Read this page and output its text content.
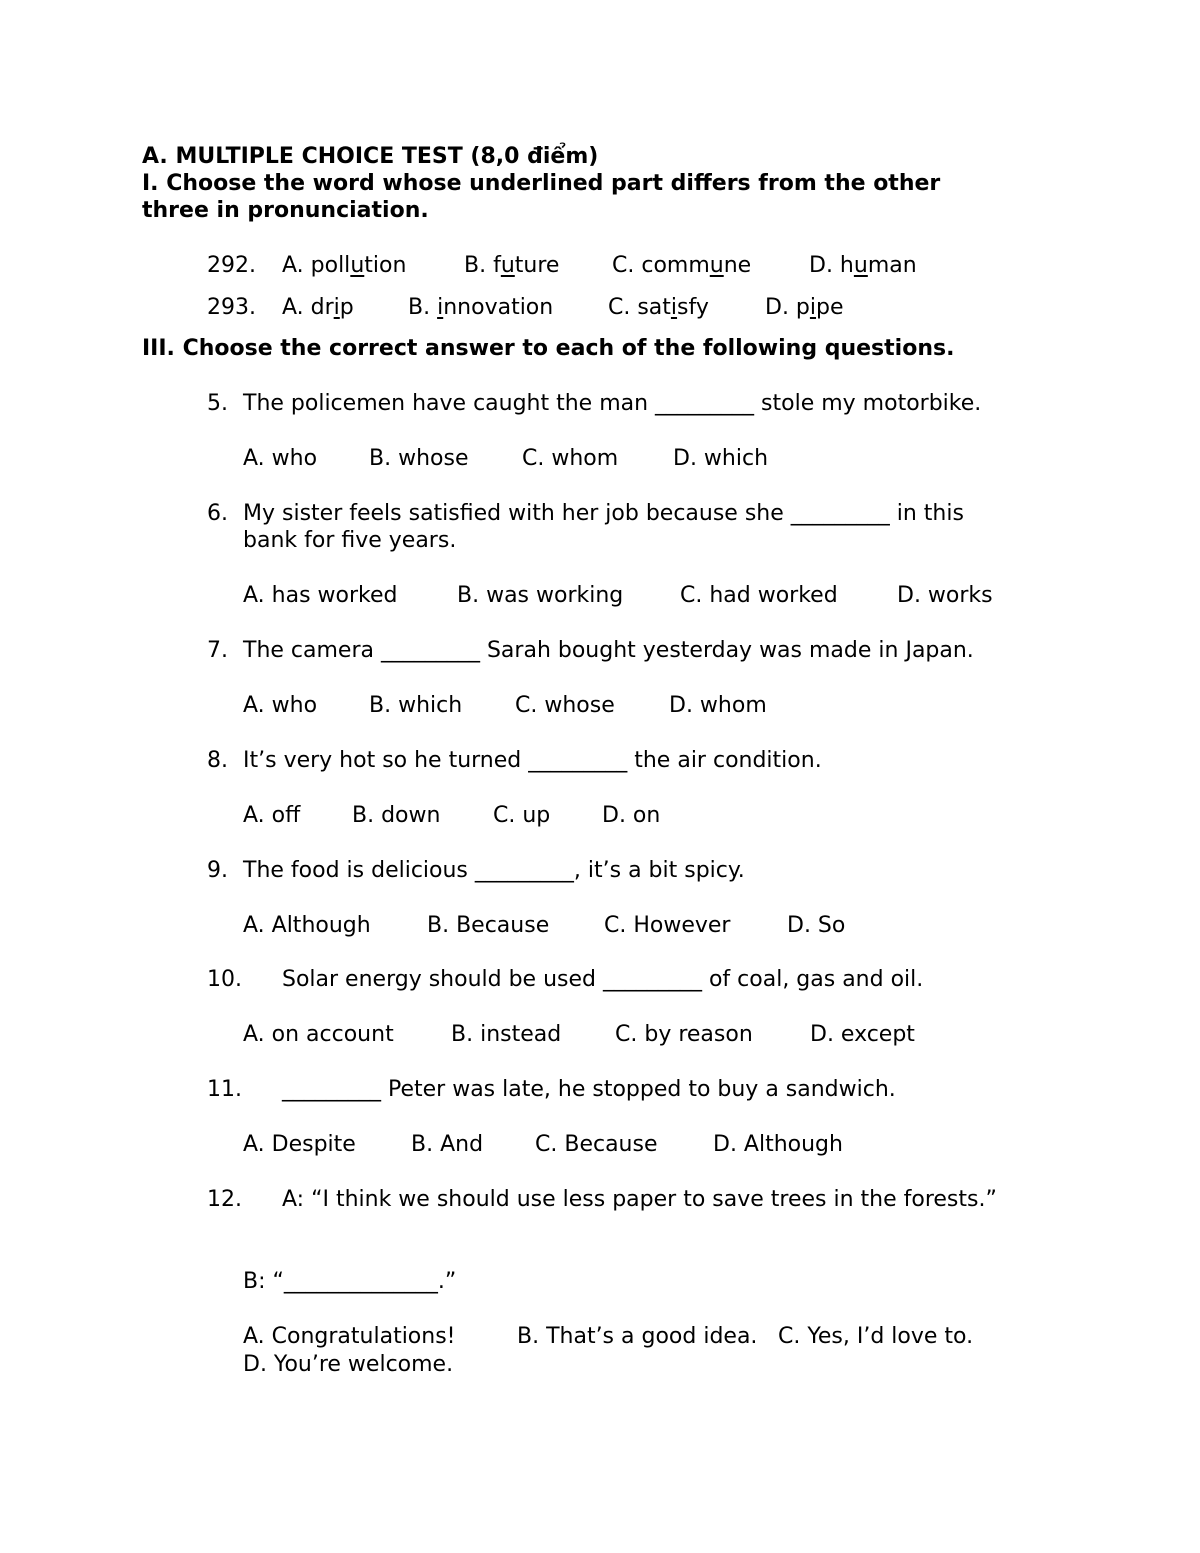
A. MULTIPLE CHOICE TEST (8,0 điểm)
I. Choose the word whose underlined part differs from the other
three in pronunciation.
292. A. pollution	B. future C. commune	D. human
293. A. drip B. innovation C. satisfy	D. pipe
III. Choose the correct answer to each of the following questions.
5. The policemen have caught the man _________ stole my motorbike.
A. who B. whose C. whom D. which
6. My sister feels satisfied with her job because she _________ in this
bank for five years.
A. has worked	B. was working	C. had worked	D. works
7. The camera _________ Sarah bought yesterday was made in Japan.
A. who B. which C. whose D. whom
8. It’s very hot so he turned _________ the air condition.
A. off B. down C. up D. on
9. The food is delicious _________, it’s a bit spicy.
A. Although	B. Because C. However	D. So
10. Solar energy should be used _________ of coal, gas and oil.
A. on account	B. instead C. by reason	D. except
11. _________ Peter was late, he stopped to buy a sandwich.
A. Despite	B. And C. Because	D. Although
12. A: “I think we should use less paper to save trees in the forests.”
B: “______________.”
A. Congratulations!	B. That’s a good idea. C. Yes, I’d love to.
D. You’re welcome.
